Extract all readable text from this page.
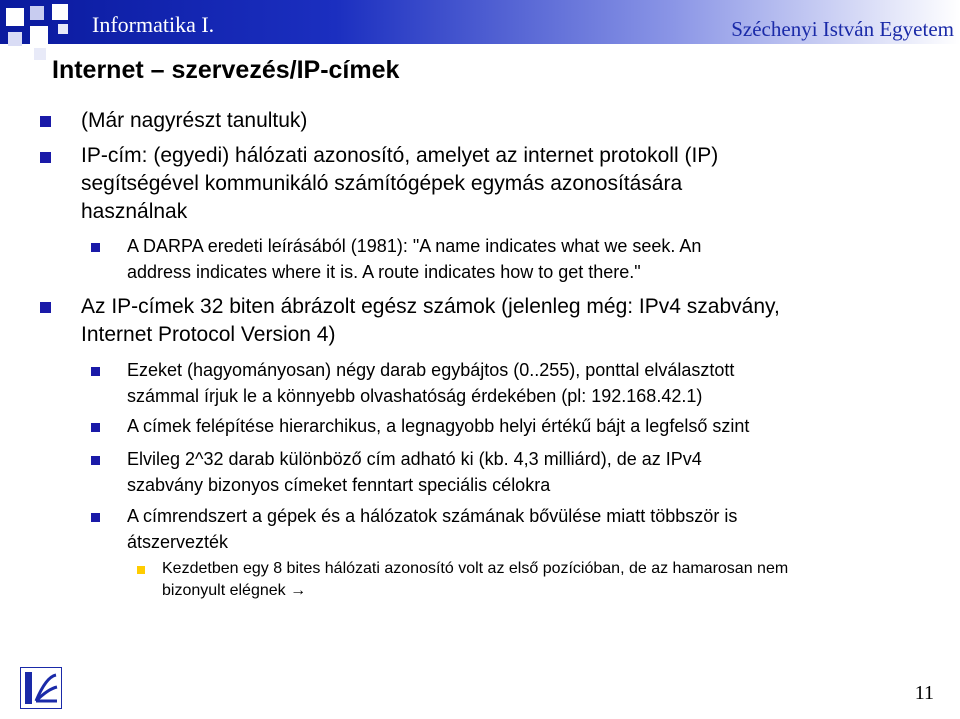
Informatika I.	Széchenyi István Egyetem
Internet – szervezés/IP-címek
(Már nagyrészt tanultuk)
IP-cím: (egyedi) hálózati azonosító, amelyet az internet protokoll (IP)
segítségével kommunikáló számítógépek egymás azonosítására
használnak
A DARPA eredeti leírásából (1981): "A name indicates what we seek. An
address indicates where it is. A route indicates how to get there."
Az IP-címek 32 biten ábrázolt egész számok (jelenleg még: IPv4 szabvány,
Internet Protocol Version 4)
Ezeket (hagyományosan) négy darab egybájtos (0..255), ponttal elválasztott
számmal írjuk le a könnyebb olvashatóság érdekében (pl: 192.168.42.1)
A címek felépítése hierarchikus, a legnagyobb helyi értékű bájt a legfelső szint
Elvileg 2^32 darab különböző cím adható ki (kb. 4,3 milliárd), de az IPv4
szabvány bizonyos címeket fenntart speciális célokra
A címrendszert a gépek és a hálózatok számának bővülése miatt többször is
átszervezték
Kezdetben egy 8 bites hálózati azonosító volt az első pozícióban, de az hamarosan nem
bizonyult elégnek →
11
